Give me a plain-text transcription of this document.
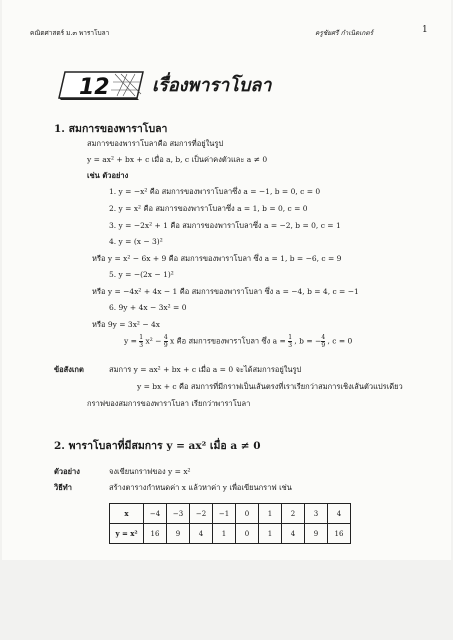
คณิตศาสตร์ ม.๓ พาราโบลา	ครูชัยศรี กำเนิดเกตร์	1
12 เรื่องพาราโบลา
1. สมการของพาราโบลา
สมการของพาราโบลาคือ สมการที่อยู่ในรูป
y = ax² + bx + c เมื่อ a, b, c เป็นค่าคงตัวและ a ≠ 0
เช่น ตัวอย่าง
1. y = −x² คือ สมการของพาราโบลาซึ่ง a = −1, b = 0, c = 0
2. y = x² คือ สมการของพาราโบลาซึ่ง a = 1, b = 0, c = 0
3. y = −2x² + 1 คือ สมการของพาราโบลาซึ่ง a = −2, b = 0, c = 1
4. y = (x − 3)²
หรือ y = x² − 6x + 9 คือ สมการของพาราโบลา ซึ่ง a = 1, b = −6, c = 9
5. y = −(2x − 1)²
หรือ y = −4x² + 4x − 1 คือ สมการของพาราโบลา ซึ่ง a = −4, b = 4, c = −1
6. 9y + 4x − 3x² = 0
หรือ 9y = 3x² − 4x
$y = \frac{1}{3} x^2 - \frac{4}{9}$ x คือ สมการของพาราโบลา ซึ่ง $a = \frac{1}{3}$ , b = − $\frac{4}{9}$ , c = 0
ข้อสังเกต	สมการ y = ax² + bx + c เมื่อ a = 0 จะได้สมการอยู่ในรูป
y = bx + c คือ สมการที่มีกราฟเป็นเส้นตรงที่เราเรียกว่าสมการเชิงเส้นตัวแปรเดียว
กราฟของสมการของพาราโบลา เรียกว่าพาราโบลา
2. พาราโบลาที่มีสมการ y = ax² เมื่อ a ≠ 0
ตัวอย่าง	จงเขียนกราฟของ y = x²
วิธีทำ	สร้างตารางกำหนดค่า x แล้วหาค่า y เพื่อเขียนกราฟ เช่น
x	−4	−3	−2	−1	0	1	2	3	4
y = x²	16	9	4	1	0	1	4	9	16
